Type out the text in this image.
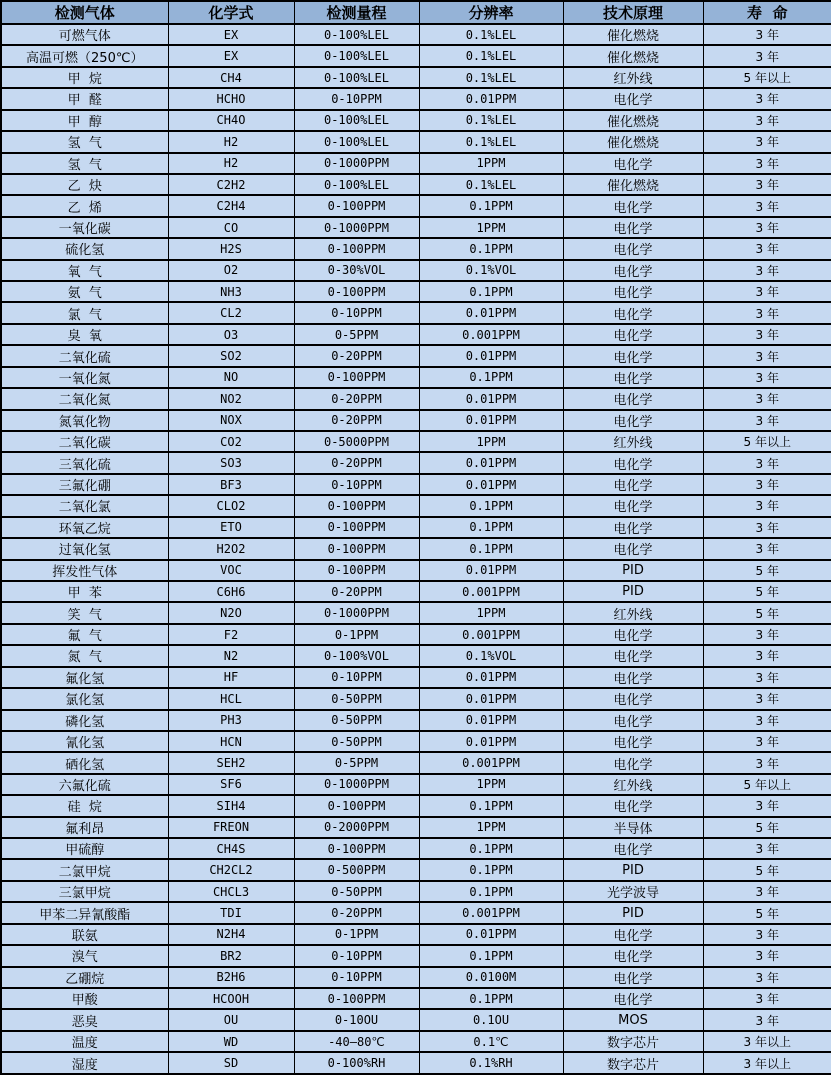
检测气体	化学式	检测量程	分辨率	技术原理	寿  命
可燃气体	EX	0-100%LEL	0.1%LEL	催化燃烧	3 年
高温可燃（250℃）	EX	0-100%LEL	0.1%LEL	催化燃烧	3 年
甲  烷	CH4	0-100%LEL	0.1%LEL	红外线	5 年以上
甲  醛	HCHO	0-10PPM	0.01PPM	电化学	3 年
甲  醇	CH4O	0-100%LEL	0.1%LEL	催化燃烧	3 年
氢  气	H2	0-100%LEL	0.1%LEL	催化燃烧	3 年
氢  气	H2	0-1000PPM	1PPM	电化学	3 年
乙  炔	C2H2	0-100%LEL	0.1%LEL	催化燃烧	3 年
乙  烯	C2H4	0-100PPM	0.1PPM	电化学	3 年
一氧化碳	CO	0-1000PPM	1PPM	电化学	3 年
硫化氢	H2S	0-100PPM	0.1PPM	电化学	3 年
氧  气	O2	0-30%VOL	0.1%VOL	电化学	3 年
氨  气	NH3	0-100PPM	0.1PPM	电化学	3 年
氯  气	CL2	0-10PPM	0.01PPM	电化学	3 年
臭  氧	O3	0-5PPM	0.001PPM	电化学	3 年
二氧化硫	SO2	0-20PPM	0.01PPM	电化学	3 年
一氧化氮	NO	0-100PPM	0.1PPM	电化学	3 年
二氧化氮	NO2	0-20PPM	0.01PPM	电化学	3 年
氮氧化物	NOX	0-20PPM	0.01PPM	电化学	3 年
二氧化碳	CO2	0-5000PPM	1PPM	红外线	5 年以上
三氧化硫	SO3	0-20PPM	0.01PPM	电化学	3 年
三氟化硼	BF3	0-10PPM	0.01PPM	电化学	3 年
二氧化氯	CLO2	0-100PPM	0.1PPM	电化学	3 年
环氧乙烷	ETO	0-100PPM	0.1PPM	电化学	3 年
过氧化氢	H2O2	0-100PPM	0.1PPM	电化学	3 年
挥发性气体	VOC	0-100PPM	0.01PPM	PID	5 年
甲  苯	C6H6	0-20PPM	0.001PPM	PID	5 年
笑  气	N2O	0-1000PPM	1PPM	红外线	5 年
氟  气	F2	0-1PPM	0.001PPM	电化学	3 年
氮  气	N2	0-100%VOL	0.1%VOL	电化学	3 年
氟化氢	HF	0-10PPM	0.01PPM	电化学	3 年
氯化氢	HCL	0-50PPM	0.01PPM	电化学	3 年
磷化氢	PH3	0-50PPM	0.01PPM	电化学	3 年
氰化氢	HCN	0-50PPM	0.01PPM	电化学	3 年
硒化氢	SEH2	0-5PPM	0.001PPM	电化学	3 年
六氟化硫	SF6	0-1000PPM	1PPM	红外线	5 年以上
硅  烷	SIH4	0-100PPM	0.1PPM	电化学	3 年
氟利昂	FREON	0-2000PPM	1PPM	半导体	5 年
甲硫醇	CH4S	0-100PPM	0.1PPM	电化学	3 年
二氯甲烷	CH2CL2	0-500PPM	0.1PPM	PID	5 年
三氯甲烷	CHCL3	0-50PPM	0.1PPM	光学波导	3 年
甲苯二异氰酸酯	TDI	0-20PPM	0.001PPM	PID	5 年
联氨	N2H4	0-1PPM	0.01PPM	电化学	3 年
溴气	BR2	0-10PPM	0.1PPM	电化学	3 年
乙硼烷	B2H6	0-10PPM	0.0100M	电化学	3 年
甲酸	HCOOH	0-100PPM	0.1PPM	电化学	3 年
恶臭	OU	0-10OU	0.1OU	MOS	3 年
温度	WD	-40—80℃	0.1℃	数字芯片	3 年以上
湿度	SD	0-100%RH	0.1%RH	数字芯片	3 年以上
